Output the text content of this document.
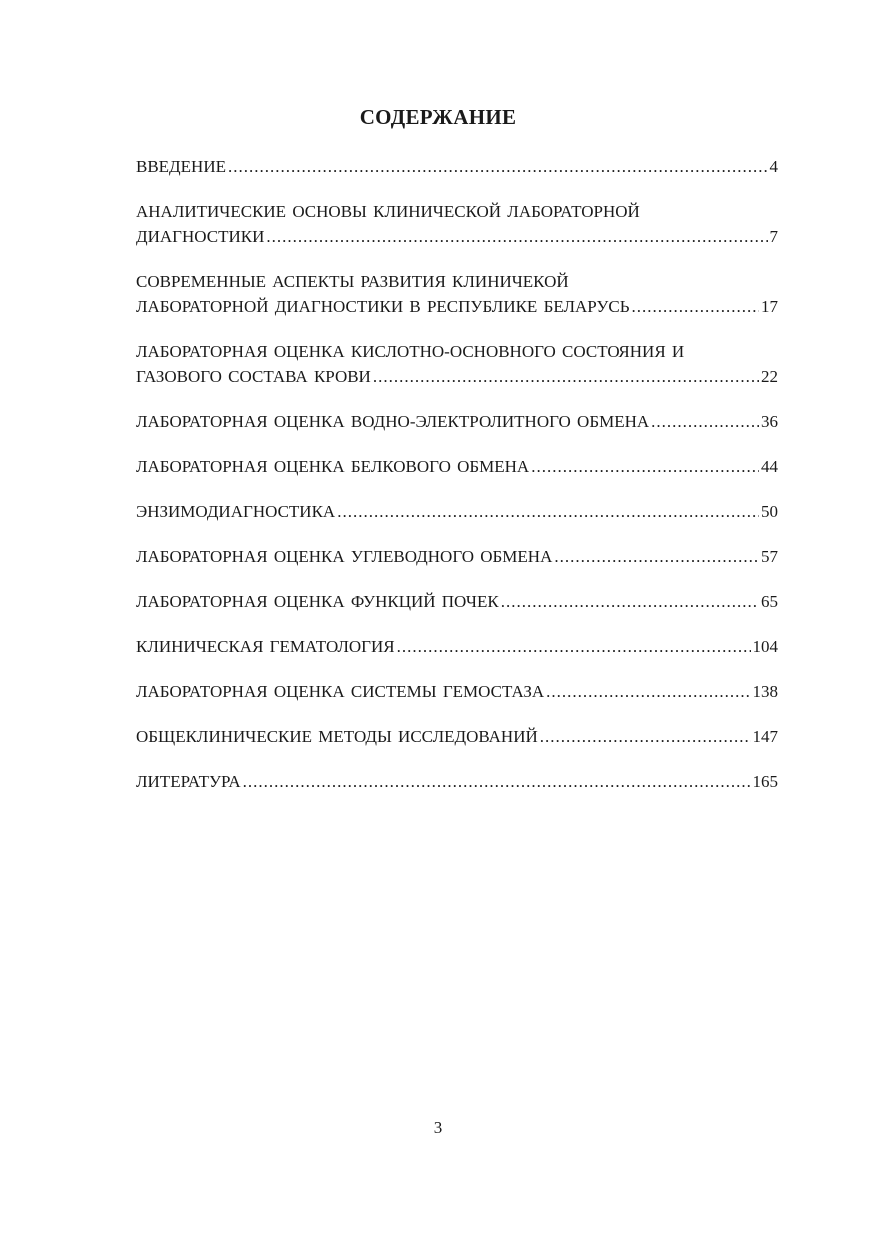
СОДЕРЖАНИЕ
ВВЕДЕНИЕ .....	4
АНАЛИТИЧЕСКИЕ ОСНОВЫ КЛИНИЧЕСКОЙ ЛАБОРАТОРНОЙ
ДИАГНОСТИКИ .....	7
СОВРЕМЕННЫЕ АСПЕКТЫ РАЗВИТИЯ КЛИНИЧЕКОЙ
ЛАБОРАТОРНОЙ ДИАГНОСТИКИ В РЕСПУБЛИКЕ БЕЛАРУСЬ .....	17
ЛАБОРАТОРНАЯ ОЦЕНКА КИСЛОТНО-ОСНОВНОГО СОСТОЯНИЯ И
ГАЗОВОГО СОСТАВА КРОВИ .....	22
ЛАБОРАТОРНАЯ ОЦЕНКА ВОДНО-ЭЛЕКТРОЛИТНОГО ОБМЕНА .....	36
ЛАБОРАТОРНАЯ ОЦЕНКА БЕЛКОВОГО ОБМЕНА .....	44
ЭНЗИМОДИАГНОСТИКА .....	50
ЛАБОРАТОРНАЯ ОЦЕНКА УГЛЕВОДНОГО ОБМЕНА .....	57
ЛАБОРАТОРНАЯ ОЦЕНКА ФУНКЦИЙ ПОЧЕК .....	65
КЛИНИЧЕСКАЯ ГЕМАТОЛОГИЯ .....	104
ЛАБОРАТОРНАЯ ОЦЕНКА СИСТЕМЫ ГЕМОСТАЗА .....	138
ОБЩЕКЛИНИЧЕСКИЕ МЕТОДЫ ИССЛЕДОВАНИЙ .....	147
ЛИТЕРАТУРА .....	165
3
